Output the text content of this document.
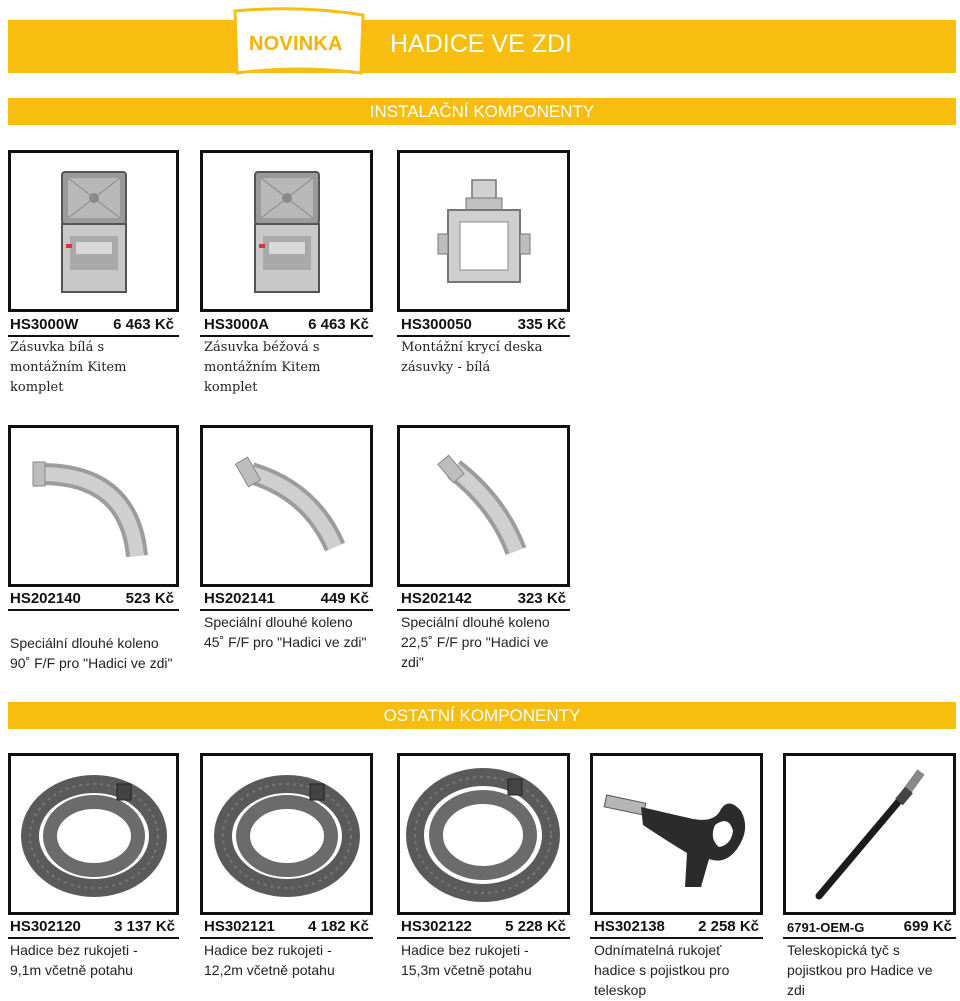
NOVINKA HADICE VE ZDI
INSTALAČNÍ KOMPONENTY
HS3000W	6 463 Kč
Zásuvka bílá s
montážním Kitem
komplet
HS3000A	6 463 Kč
Zásuvka béžová s
montážním Kitem
komplet
HS300050	335 Kč
Montážní krycí deska
zásuvky - bílá
HS202140	523 Kč
Speciální dlouhé koleno
90˚ F/F pro "Hadici ve zdi"
HS202141	449 Kč
Speciální dlouhé koleno
45˚ F/F pro "Hadici ve zdi"
HS202142	323 Kč
Speciální dlouhé koleno
22,5˚ F/F pro "Hadici ve
zdi"
OSTATNÍ KOMPONENTY
HS302120	3 137 Kč
Hadice bez rukojeti -
9,1m včetně potahu
HS302121	4 182 Kč
Hadice bez rukojeti -
12,2m včetně potahu
HS302122	5 228 Kč
Hadice bez rukojeti -
15,3m včetně potahu
HS302138	2 258 Kč
Odnímatelná rukojeť
hadice s pojistkou pro
teleskop
6791-OEM-G	699 Kč
Teleskopická tyč s
pojistkou pro Hadice ve
zdi
